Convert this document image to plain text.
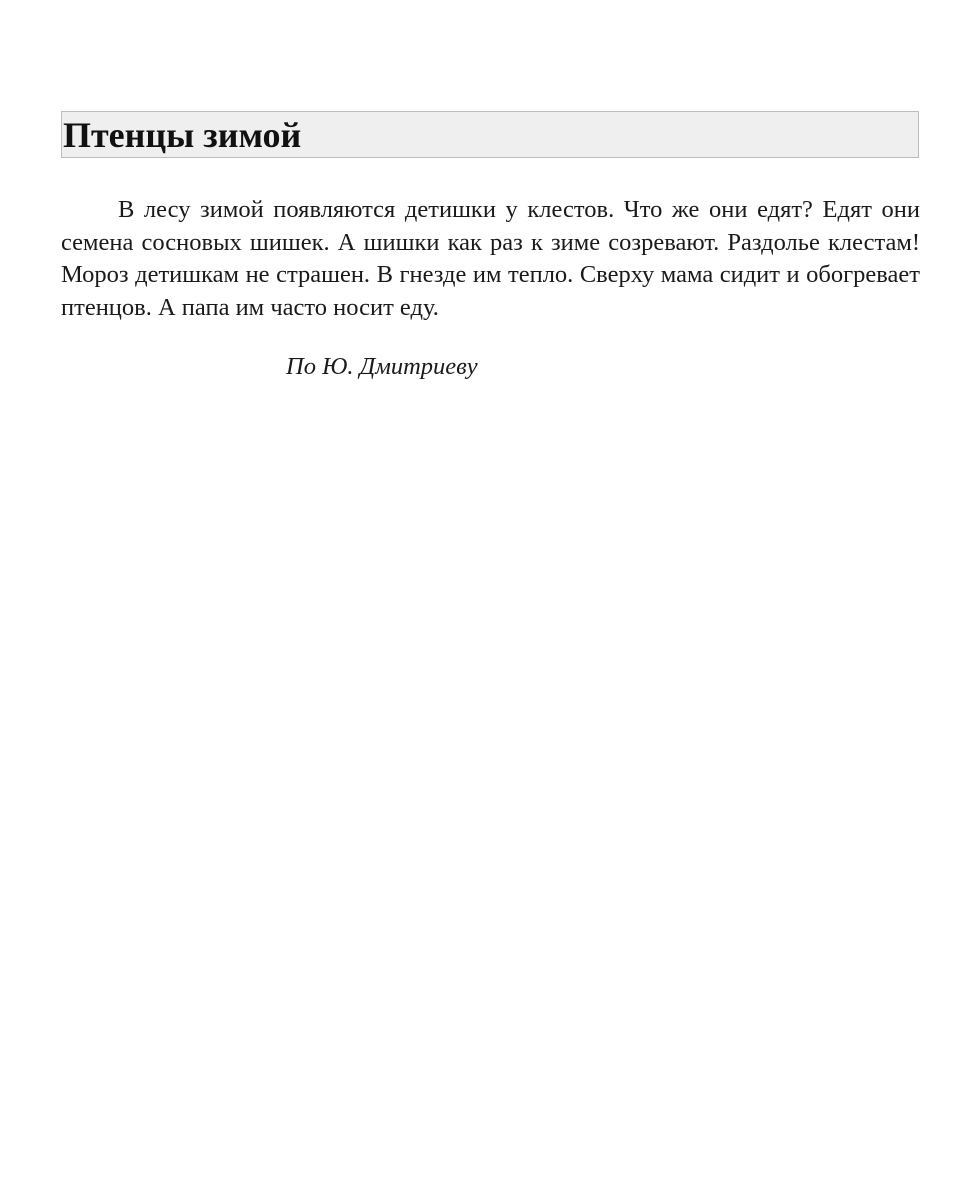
Птенцы зимой

В лесу зимой появляются детишки у клестов. Что же они едят? Едят они семена сосновых шишек. А шишки как раз к зиме созревают. Раздолье клестам! Мороз детишкам не страшен. В гнезде им тепло. Сверху мама сидит и обогревает птенцов. А папа им часто носит еду.

По Ю. Дмитриеву
